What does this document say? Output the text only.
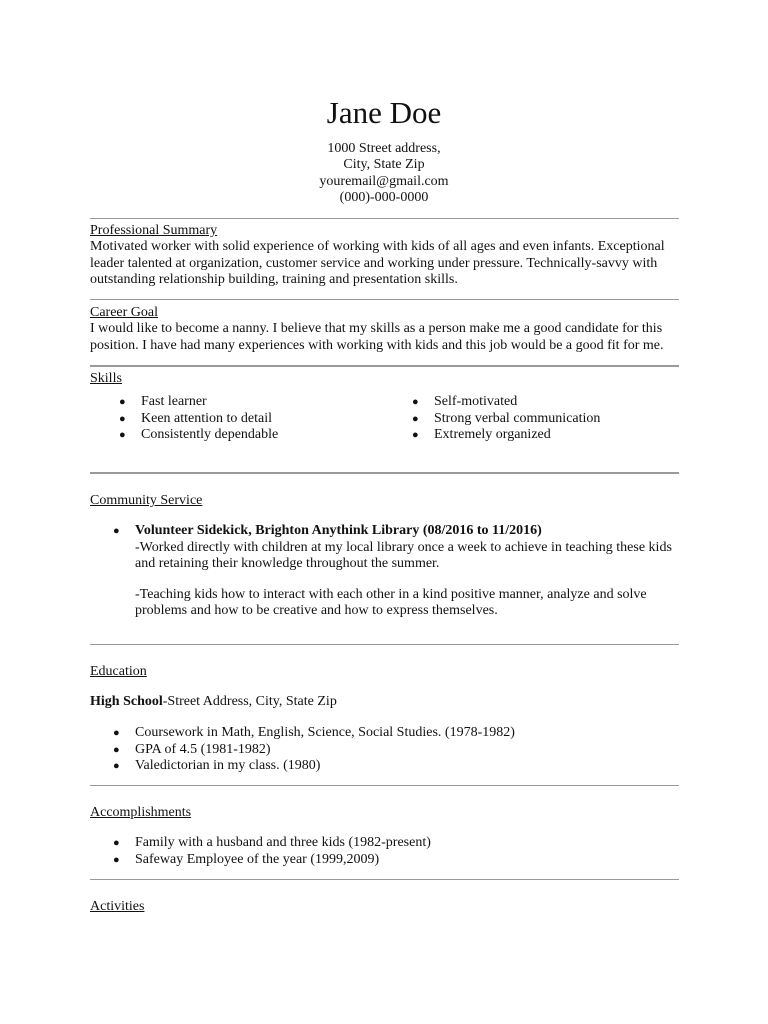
Jane Doe
1000 Street address,
City, State Zip
youremail@gmail.com
(000)-000-0000
Professional Summary
Motivated worker with solid experience of working with kids of all ages and even infants. Exceptional
leader talented at organization, customer service and working under pressure. Technically-savvy with
outstanding relationship building, training and presentation skills.
Career Goal
I would like to become a nanny. I believe that my skills as a person make me a good candidate for this
position. I have had many experiences with working with kids and this job would be a good fit for me.
Skills
● Fast learner
● Keen attention to detail
● Consistently dependable
● Self-motivated
● Strong verbal communication
● Extremely organized
Community Service
● Volunteer Sidekick, Brighton Anythink Library (08/2016 to 11/2016)
-Worked directly with children at my local library once a week to achieve in teaching these kids
and retaining their knowledge throughout the summer.
-Teaching kids how to interact with each other in a kind positive manner, analyze and solve
problems and how to be creative and how to express themselves.
Education
High School-Street Address, City, State Zip
● Coursework in Math, English, Science, Social Studies. (1978-1982)
● GPA of 4.5 (1981-1982)
● Valedictorian in my class. (1980)
Accomplishments
● Family with a husband and three kids (1982-present)
● Safeway Employee of the year (1999,2009)
Activities
